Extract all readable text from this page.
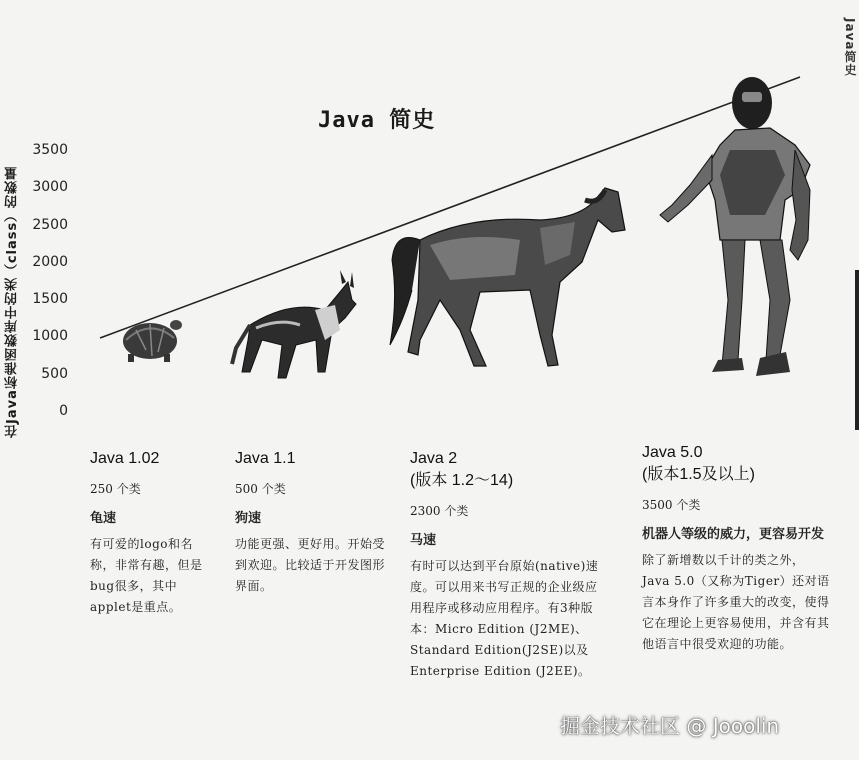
Java简史
Java 简史
在Java标准函数库中的类（class）的数量
3500
3000
2500
2000
1500
1000
500
0
Java 1.02
250 个类
龟速
有可爱的logo和名称，非常有趣，但是bug很多，其中applet是重点。
Java 1.1
500 个类
狗速
功能更强、更好用。开始受到欢迎。比较适于开发图形界面。
Java 2
(版本 1.2～14)
2300 个类
马速
有时可以达到平台原始(native)速度。可以用来书写正规的企业级应用程序或移动应用程序。有3种版本：Micro Edition (J2ME)、Standard Edition(J2SE)以及 Enterprise Edition (J2EE)。
Java 5.0
(版本1.5及以上)
3500 个类
机器人等级的威力，更容易开发
除了新增数以千计的类之外，Java 5.0（又称为Tiger）还对语言本身作了许多重大的改变，使得它在理论上更容易使用，并含有其他语言中很受欢迎的功能。
掘金技术社区 @ Jooolin
